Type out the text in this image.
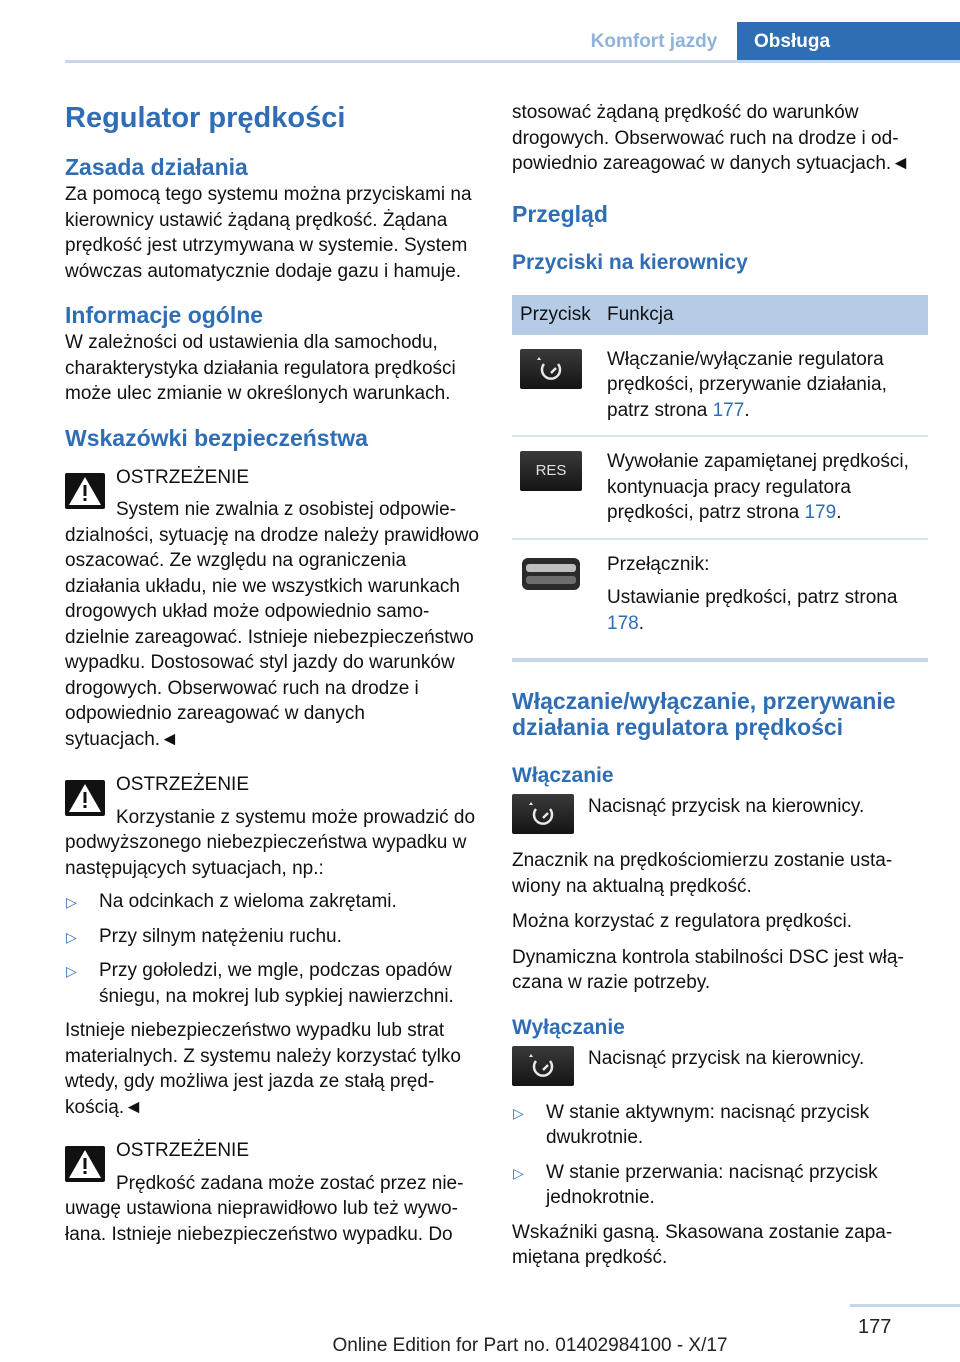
Komfort jazdy	Obsługa
Regulator prędkości
Zasada działania
Za pomocą tego systemu można przyciskami na kierownicy ustawić żądaną prędkość. Żądana prędkość jest utrzymywana w systemie. System wówczas automatycznie dodaje gazu i hamuje.
Informacje ogólne
W zależności od ustawienia dla samochodu, charakterystyka działania regulatora prędkości może ulec zmianie w określonych warunkach.
Wskazówki bezpieczeństwa
OSTRZEŻENIE
System nie zwalnia z osobistej odpowiedzialności, sytuację na drodze należy prawidłowo oszacować. Ze względu na ograniczenia działania układu, nie we wszystkich warunkach drogowych układ może odpowiednio samodzielnie zareagować. Istnieje niebezpieczeństwo wypadku. Dostosować styl jazdy do warunków drogowych. Obserwować ruch na drodze i odpowiednio zareagować w danych sytuacjach.◄
OSTRZEŻENIE
Korzystanie z systemu może prowadzić do podwyższonego niebezpieczeństwa wypadku w następujących sytuacjach, np.:
▷ Na odcinkach z wieloma zakrętami.
▷ Przy silnym natężeniu ruchu.
▷ Przy gołoledzi, we mgle, podczas opadów śniegu, na mokrej lub sypkiej nawierzchni.
Istnieje niebezpieczeństwo wypadku lub strat materialnych. Z systemu należy korzystać tylko wtedy, gdy możliwa jest jazda ze stałą prędkością.◄
OSTRZEŻENIE
Prędkość zadana może zostać przez nieuwagę ustawiona nieprawidłowo lub też wywołana. Istnieje niebezpieczeństwo wypadku. Do
stosować żądaną prędkość do warunków drogowych. Obserwować ruch na drodze i odpowiednio zareagować w danych sytuacjach.◄
Przegląd
Przyciski na kierownicy
Przycisk Funkcja
Włączanie/wyłączanie regulatora prędkości, przerywanie działania, patrz strona 177.
RES	Wywołanie zapamiętanej prędkości, kontynuacja pracy regulatora prędkości, patrz strona 179.
Przełącznik:
Ustawianie prędkości, patrz strona 178.
Włączanie/wyłączanie, przerywanie działania regulatora prędkości
Włączanie
Nacisnąć przycisk na kierownicy.
Znacznik na prędkościomierzu zostanie ustawiony na aktualną prędkość.
Można korzystać z regulatora prędkości.
Dynamiczna kontrola stabilności DSC jest włączana w razie potrzeby.
Wyłączanie
Nacisnąć przycisk na kierownicy.
▷ W stanie aktywnym: nacisnąć przycisk dwukrotnie.
▷ W stanie przerwania: nacisnąć przycisk jednokrotnie.
Wskaźniki gasną. Skasowana zostanie zapamiętana prędkość.
177
Online Edition for Part no. 01402984100 - X/17
